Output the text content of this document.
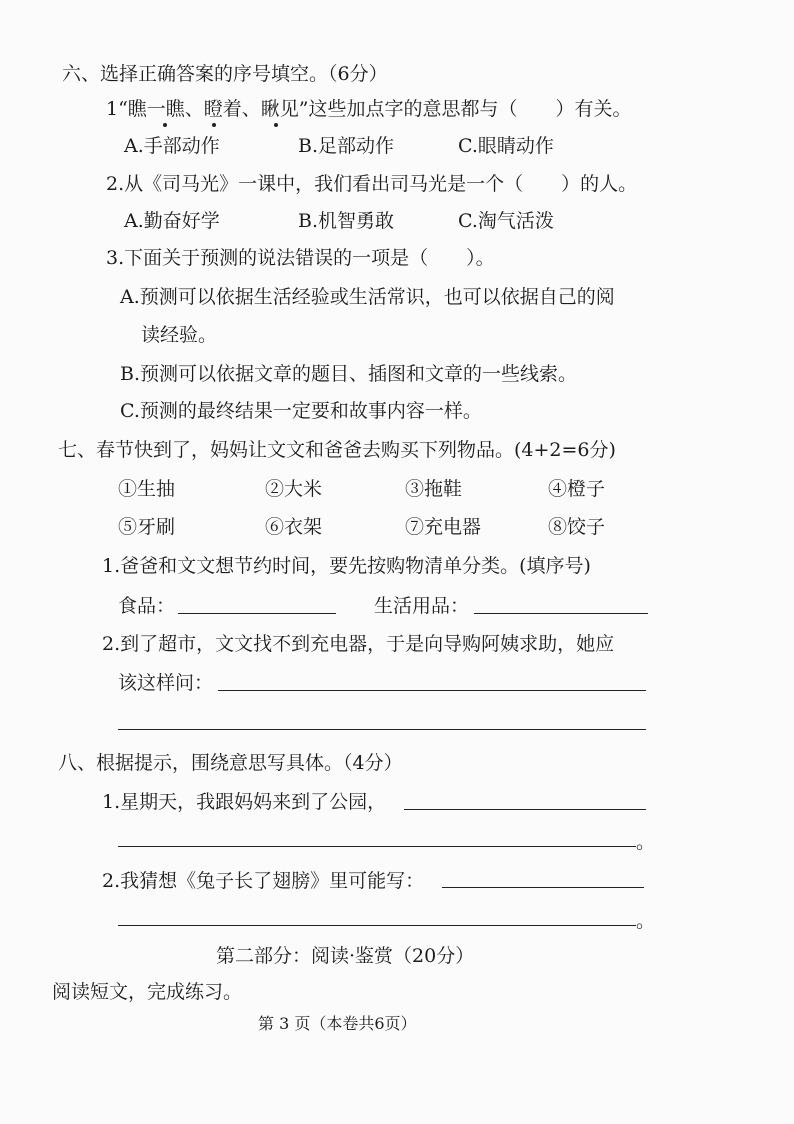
六、选择正确答案的序号填空。（6分）
1“瞧一瞧、瞪着、瞅见”这些加点字的意思都与（　　）有关。
A.手部动作	B.足部动作	C.眼睛动作
2.从《司马光》一课中，我们看出司马光是一个（　　）的人。
A.勤奋好学	B.机智勇敢	C.淘气活泼
3.下面关于预测的说法错误的一项是（　　）。
A.预测可以依据生活经验或生活常识，也可以依据自己的阅
读经验。
B.预测可以依据文章的题目、插图和文章的一些线索。
C.预测的最终结果一定要和故事内容一样。
七、春节快到了，妈妈让文文和爸爸去购买下列物品。(4+2=6分)
①生抽	②大米	③拖鞋	④橙子
⑤牙刷	⑥衣架	⑦充电器	⑧饺子
1.爸爸和文文想节约时间，要先按购物清单分类。(填序号)
食品：	生活用品：
2.到了超市，文文找不到充电器，于是向导购阿姨求助，她应
该这样问：
八、根据提示，围绕意思写具体。（4分）
1.星期天，我跟妈妈来到了公园，
。
2.我猜想《兔子长了翅膀》里可能写：
。
第二部分：阅读·鉴赏（20分）
阅读短文，完成练习。
第 3 页（本卷共6页）
